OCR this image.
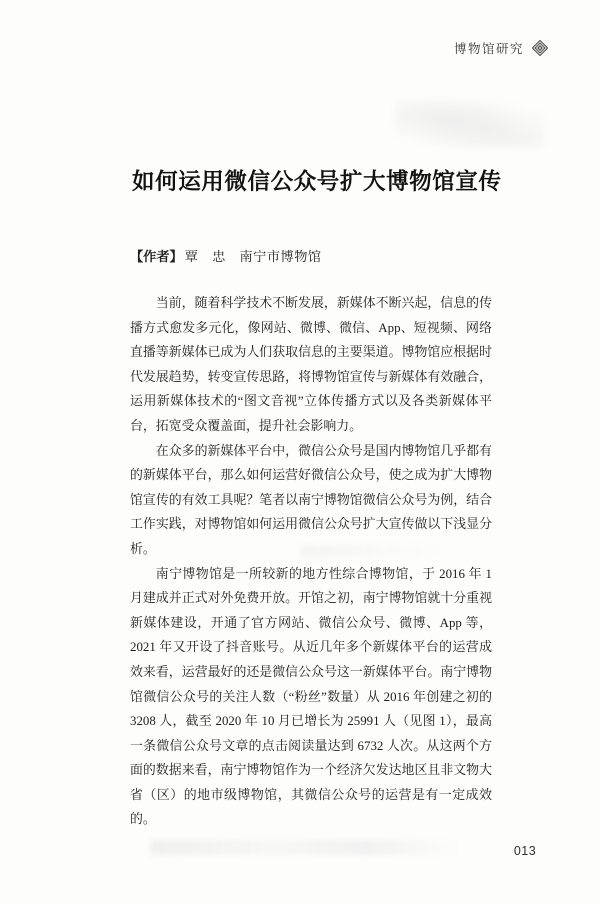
博物馆研究
如何运用微信公众号扩大博物馆宣传
【作者】 覃　忠　南宁市博物馆

当前，随着科学技术不断发展，新媒体不断兴起，信息的传播方式愈发多元化，像网站、微博、微信、App、短视频、网络直播等新媒体已成为人们获取信息的主要渠道。博物馆应根据时代发展趋势，转变宣传思路，将博物馆宣传与新媒体有效融合，运用新媒体技术的“图文音视”立体传播方式以及各类新媒体平台，拓宽受众覆盖面，提升社会影响力。

在众多的新媒体平台中，微信公众号是国内博物馆几乎都有的新媒体平台，那么如何运营好微信公众号，使之成为扩大博物馆宣传的有效工具呢？笔者以南宁博物馆微信公众号为例，结合工作实践，对博物馆如何运用微信公众号扩大宣传做以下浅显分析。

南宁博物馆是一所较新的地方性综合博物馆，于 2016 年 1 月建成并正式对外免费开放。开馆之初，南宁博物馆就十分重视新媒体建设，开通了官方网站、微信公众号、微博、App 等，2021 年又开设了抖音账号。从近几年多个新媒体平台的运营成效来看，运营最好的还是微信公众号这一新媒体平台。南宁博物馆微信公众号的关注人数（“粉丝”数量）从 2016 年创建之初的 3208 人，截至 2020 年 10 月已增长为 25991 人（见图 1），最高一条微信公众号文章的点击阅读量达到 6732 人次。从这两个方面的数据来看，南宁博物馆作为一个经济欠发达地区且非文物大省（区）的地市级博物馆，其微信公众号的运营是有一定成效的。

013
